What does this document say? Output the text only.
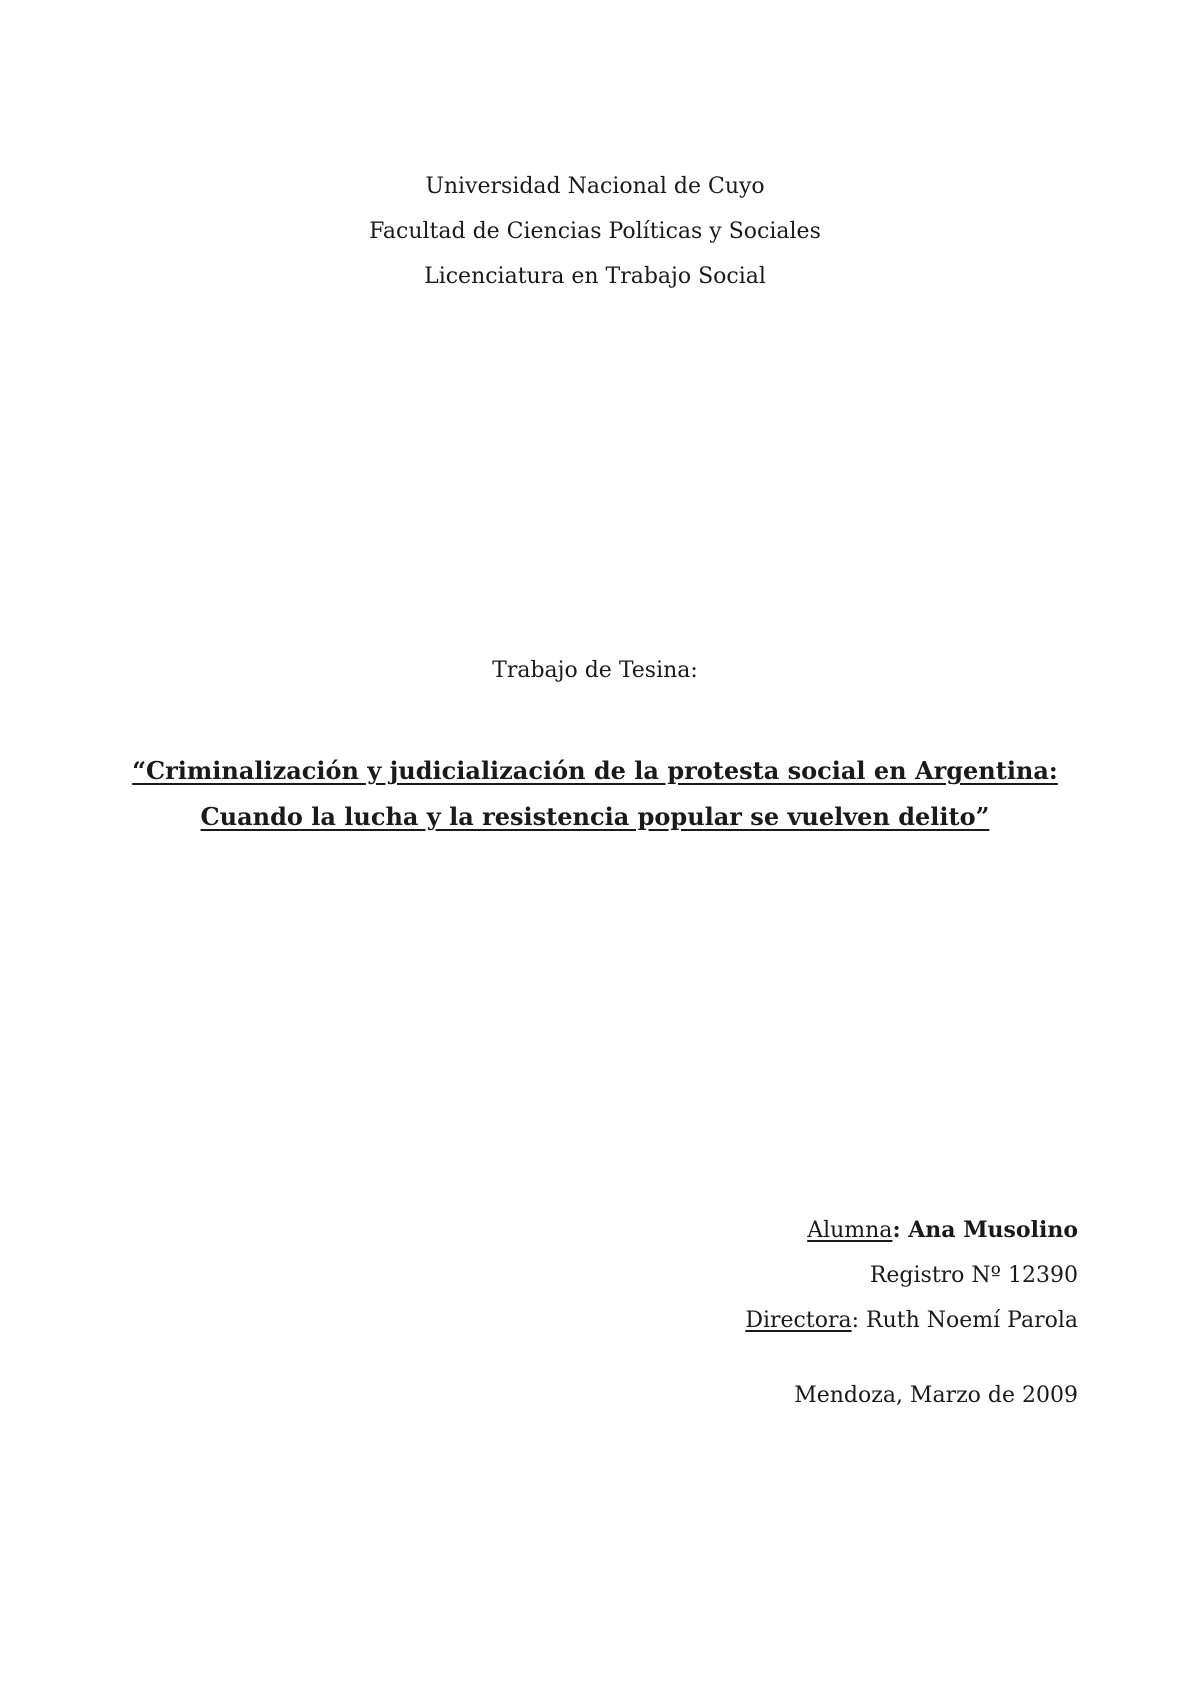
Universidad Nacional de Cuyo
Facultad de Ciencias Políticas y Sociales
Licenciatura en Trabajo Social
Trabajo de Tesina:
“Criminalización y judicialización de la protesta social en Argentina:
Cuando la lucha y la resistencia popular se vuelven delito”
Alumna: Ana Musolino
Registro Nº 12390
Directora: Ruth Noemí Parola
Mendoza, Marzo de 2009
